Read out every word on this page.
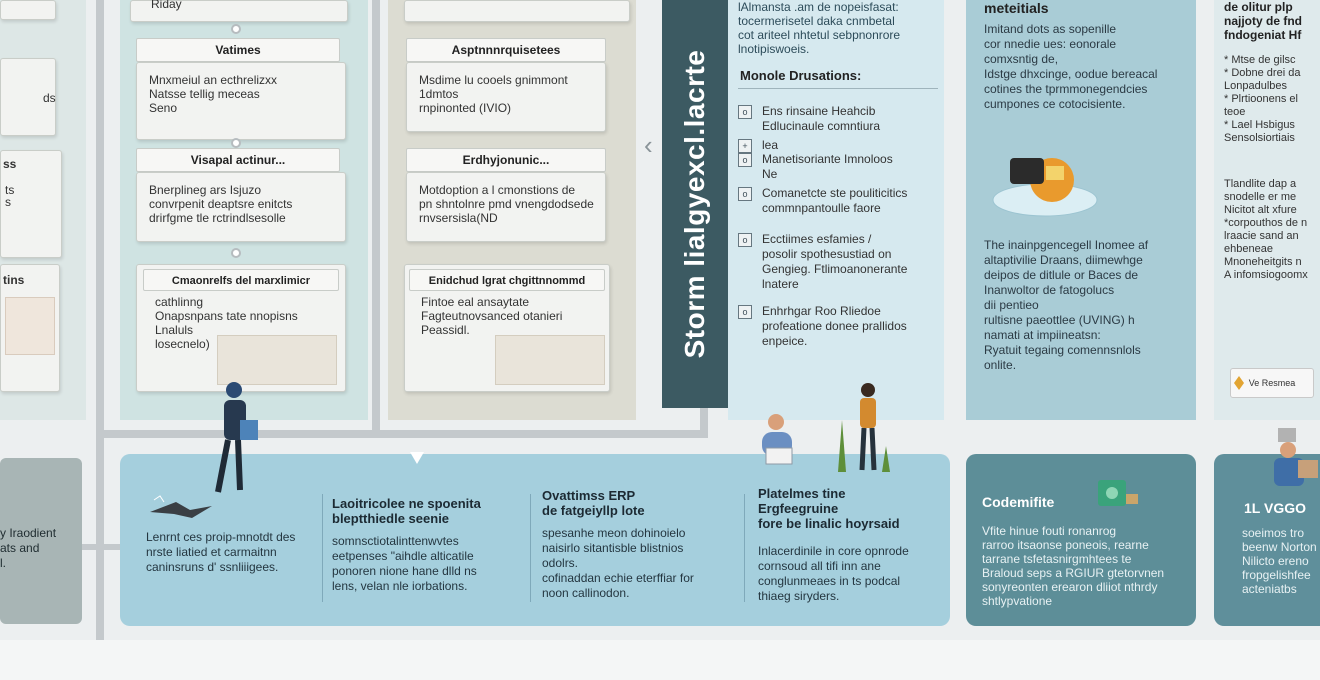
ds
ss
ts
s
tins
Riday
Vatimes
Mnxmeiul an ecthrelizxx
Natsse tellig meceas
Seno
Visapal actinur...
Bnerplineg ars Isjuzo
convrpenit deaptsre enitcts
drirfgme tle rctrindlsesolle
Cmaonrelfs del marxlimicr
cathlinng
Onapsnpans tate nnopisns
Lnaluls
losecnelo)
Asptnnnrquisetees
Msdime lu cooels gnimmont
1dmtos
rnpinonted (IVIO)
Erdhyjonunic...
Motdoption a l cmonstions de
pn shntolnre pmd vnengdodsede
rnvsersisla(ND
Enidchud lgrat chgittnnommd
Fintoe eal ansaytate
Fagteutnovsanced otanieri
Peassidl.
‹ Storm lialgyexcl.lacrte
lAlmansta .am de nopeisfasat:
tocermerisetel daka cnmbetal
cot ariteel nhtetul sebpnonrore
lnotipiswoeis.
Monole Drusations:
o	Ens rinsaine Heahcib
Edlucinaule comntiura
+	lea
o	Manetisoriante Imnoloos
Ne
o	Comanetcte ste pouliticitics
commnpantoulle faore
o	Ecctiimes esfamies /
posolir spothesustiad on
Gengieg. Ftlimoanonerante
lnatere
o	Enhrhgar Roo Rliedoe
profeatione donee prallidos
enpeice.
meteitials
Imitand dots as sopenille
cor nnedie ues: eonorale
comxsntig de,
Idstge dhxcinge, oodue bereacal
cotines the tprmmonegendcies
cumpones ce cotocisiente.
The inainpgencegell Inomee af
altaptivilie Draans, diimewhge
deipos de ditlule or Baces de
Inanwoltor de fatogolucs
dii pentieo
rultisne paeottlee (UVING) h
namati at impiineatsn:
Ryatuit tegaing comennsnlols
onlite.
de olitur plp
najjoty de fnd
fndogeniat Hf
* Mtse de gilsc
* Dobne drei da
Lonpadulbes
* Plrtioonens el
teoe
* Lael Hsbigus
Sensolsiortiais
Tlandlite dap a
snodelle er me
Nicitot alt xfure
*corpouthos de n
lraacie sand an
ehbeneae
Mnoneheitgits n
A infomsiogoomx
Ve Resmea
y Iraodient
ats and
l.
Lenrnt ces proip-mnotdt des
nrste liatied et carmaitnn
caninsruns d' ssnliiigees.
Laoitricolee ne spoenita
bleptthiedle seenie
somnsctiotalinttenwvtes
eetpenses "aihdle alticatile
ponoren nione hane dlld ns
lens, velan nle iorbations.
Ovattimss ERP
de fatgeiyllp lote
spesanhe meon dohinoielo
naisirlo sitantisble blistnios
odolrs.
cofinaddan echie eterffiar for
noon callinodon.
Platelmes tine
Ergfeegruine
fore be linalic hoyrsaid
Inlacerdinile in core opnrode
cornsoud all tifi inn ane
conglunmeaes in ts podcal
thiaeg siryders.
Codemifite
Vfite hinue fouti ronanrog
rarroo itsaonse poneois, rearne
tarrane tsfetasnirgmhtees te
Braloud seps a RGIUR gtetorvnen
sonyreonten erearon dliiot nthrdy
shtlypvatione
1L VGGO
soeimos tro
beenw Norton
Nilicto ereno
fropgelishfee
acteniatbs
